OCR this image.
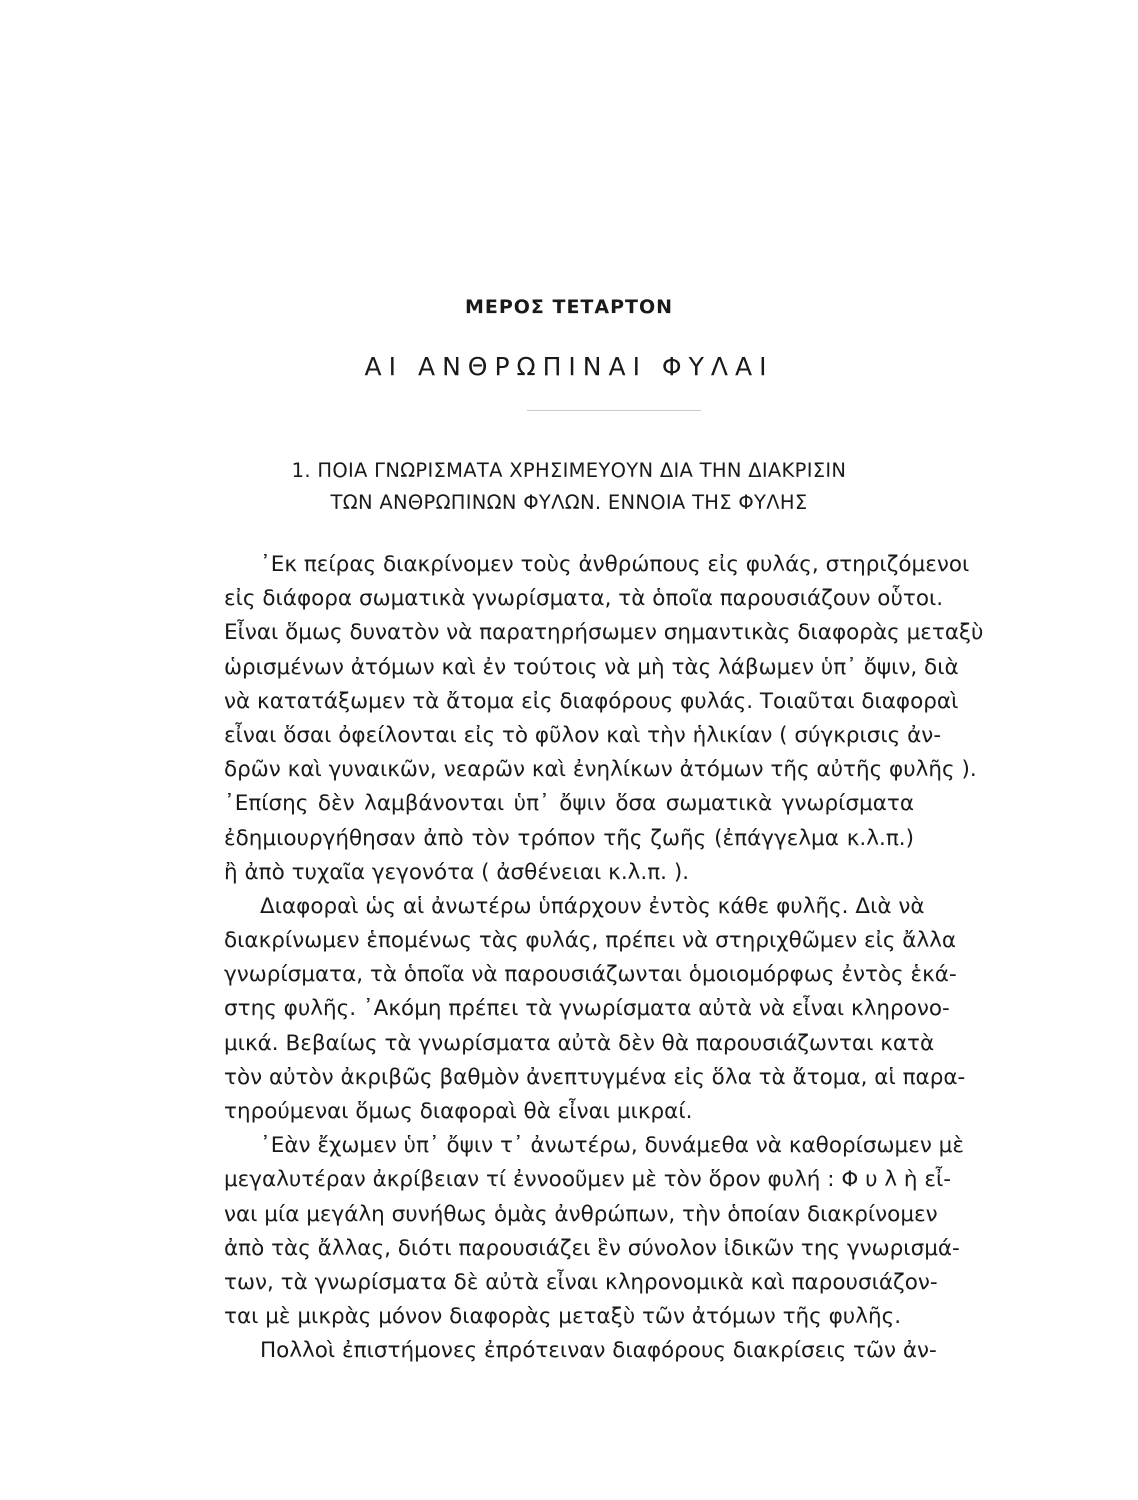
ΜΕΡΟΣ ΤΕΤΑΡΤΟΝ
ΑΙ ΑΝΘΡΩΠΙΝΑΙ ΦΥΛΑΙ
1. ΠΟΙΑ ΓΝΩΡΙΣΜΑΤΑ ΧΡΗΣΙΜΕΥΟΥΝ ΔΙΑ ΤΗΝ ΔΙΑΚΡΙΣΙΝ
ΤΩΝ ΑΝΘΡΩΠΙΝΩΝ ΦΥΛΩΝ. ΕΝΝΟΙΑ ΤΗΣ ΦΥΛΗΣ
᾿Εκ πείρας διακρίνομεν τοὺς ἀνθρώπους εἰς φυλάς, στηριζόμενοι
εἰς διάφορα σωματικὰ γνωρίσματα, τὰ ὁποῖα παρουσιάζουν οὗτοι.
Εἶναι ὅμως δυνατὸν νὰ παρατηρήσωμεν σημαντικὰς διαφορὰς μεταξὺ
ὡρισμένων ἀτόμων καὶ ἐν τούτοις νὰ μὴ τὰς λάβωμεν ὑπ᾿ ὄψιν, διὰ
νὰ κατατάξωμεν τὰ ἄτομα εἰς διαφόρους φυλάς. Τοιαῦται διαφοραὶ
εἶναι ὅσαι ὀφείλονται εἰς τὸ φῦλον καὶ τὴν ἡλικίαν ( σύγκρισις ἀν-
δρῶν καὶ γυναικῶν, νεαρῶν καὶ ἐνηλίκων ἀτόμων τῆς αὐτῆς φυλῆς ).
᾿Επίσης δὲν λαμβάνονται ὑπ᾿ ὄψιν ὅσα σωματικὰ γνωρίσματα
ἐδημιουργήθησαν ἀπὸ τὸν τρόπον τῆς ζωῆς (ἐπάγγελμα κ.λ.π.)
ἢ ἀπὸ τυχαῖα γεγονότα ( ἀσθένειαι κ.λ.π. ).
Διαφοραὶ ὡς αἱ ἀνωτέρω ὑπάρχουν ἐντὸς κάθε φυλῆς. Διὰ νὰ
διακρίνωμεν ἑπομένως τὰς φυλάς, πρέπει νὰ στηριχθῶμεν εἰς ἄλλα
γνωρίσματα, τὰ ὁποῖα νὰ παρουσιάζωνται ὁμοιομόρφως ἐντὸς ἑκά-
στης φυλῆς. ᾿Ακόμη πρέπει τὰ γνωρίσματα αὐτὰ νὰ εἶναι κληρονο-
μικά. Βεβαίως τὰ γνωρίσματα αὐτὰ δὲν θὰ παρουσιάζωνται κατὰ
τὸν αὐτὸν ἀκριβῶς βαθμὸν ἀνεπτυγμένα εἰς ὅλα τὰ ἄτομα, αἱ παρα-
τηρούμεναι ὅμως διαφοραὶ θὰ εἶναι μικραί.
᾿Εὰν ἔχωμεν ὑπ᾿ ὄψιν τ᾿ ἀνωτέρω, δυνάμεθα νὰ καθορίσωμεν μὲ
μεγαλυτέραν ἀκρίβειαν τί ἐννοοῦμεν μὲ τὸν ὅρον φυλή : Φ υ λ ὴ εἶ-
ναι μία μεγάλη συνήθως ὁμὰς ἀνθρώπων, τὴν ὁποίαν διακρίνομεν
ἀπὸ τὰς ἄλλας, διότι παρουσιάζει ἓν σύνολον ἰδικῶν της γνωρισμά-
των, τὰ γνωρίσματα δὲ αὐτὰ εἶναι κληρονομικὰ καὶ παρουσιάζον-
ται μὲ μικρὰς μόνον διαφορὰς μεταξὺ τῶν ἀτόμων τῆς φυλῆς.
Πολλοὶ ἐπιστήμονες ἐπρότειναν διαφόρους διακρίσεις τῶν ἀν-
